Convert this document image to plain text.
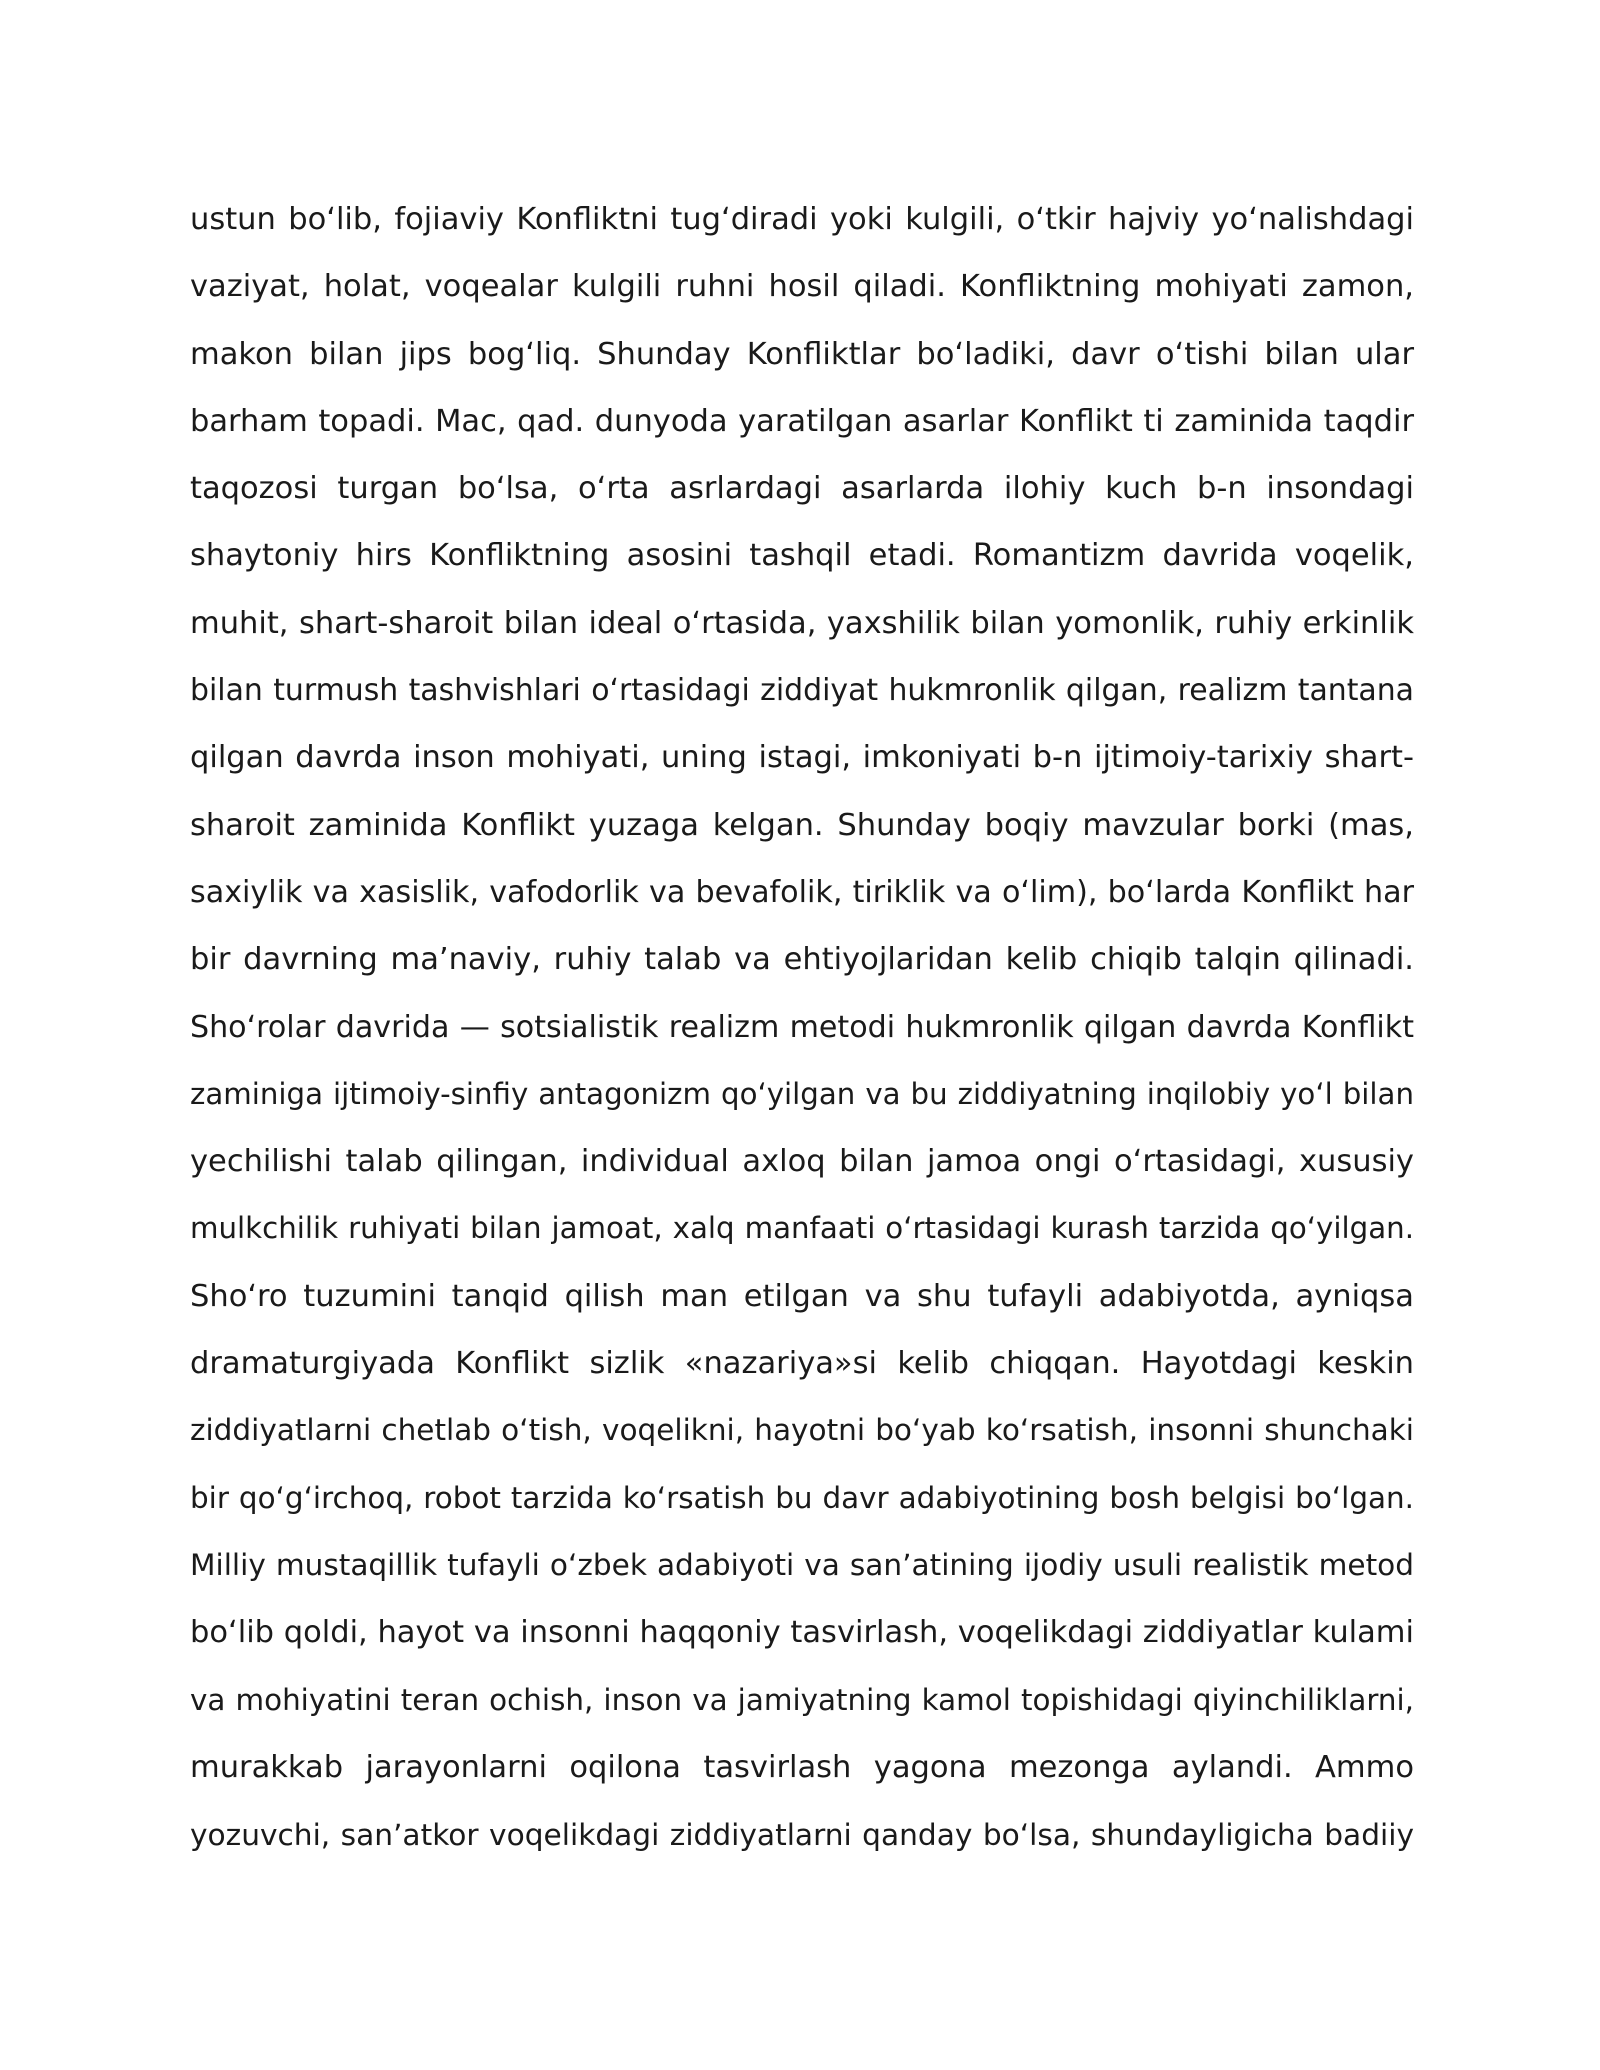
ustun bo‘lib, fojiaviy Konfliktni tug‘diradi yoki kulgili, o‘tkir hajviy yo‘nalishdagi
vaziyat, holat, voqealar kulgili ruhni hosil qiladi. Konfliktning mohiyati zamon,
makon bilan jips bog‘liq. Shunday Konfliktlar bo‘ladiki, davr o‘tishi bilan ular
barham topadi. Mac, qad. dunyoda yaratilgan asarlar Konflikt ti zaminida taqdir
taqozosi turgan bo‘lsa, o‘rta asrlardagi asarlarda ilohiy kuch b-n insondagi
shaytoniy hirs Konfliktning asosini tashqil etadi. Romantizm davrida voqelik,
muhit, shart-sharoit bilan ideal o‘rtasida, yaxshilik bilan yomonlik, ruhiy erkinlik
bilan turmush tashvishlari o‘rtasidagi ziddiyat hukmronlik qilgan, realizm tantana
qilgan davrda inson mohiyati, uning istagi, imkoniyati b-n ijtimoiy-tarixiy shart-
sharoit zaminida Konflikt yuzaga kelgan. Shunday boqiy mavzular borki (mas,
saxiylik va xasislik, vafodorlik va bevafolik, tiriklik va o‘lim), bo‘larda Konflikt har
bir davrning ma’naviy, ruhiy talab va ehtiyojlaridan kelib chiqib talqin qilinadi.
Sho‘rolar davrida — sotsialistik realizm metodi hukmronlik qilgan davrda Konflikt
zaminiga ijtimoiy-sinfiy antagonizm qo‘yilgan va bu ziddiyatning inqilobiy yo‘l bilan
yechilishi talab qilingan, individual axloq bilan jamoa ongi o‘rtasidagi, xususiy
mulkchilik ruhiyati bilan jamoat, xalq manfaati o‘rtasidagi kurash tarzida qo‘yilgan.
Sho‘ro tuzumini tanqid qilish man etilgan va shu tufayli adabiyotda, ayniqsa
dramaturgiyada Konflikt sizlik «nazariya»si kelib chiqqan. Hayotdagi keskin
ziddiyatlarni chetlab o‘tish, voqelikni, hayotni bo‘yab ko‘rsatish, insonni shunchaki
bir qo‘g‘irchoq, robot tarzida ko‘rsatish bu davr adabiyotining bosh belgisi bo‘lgan.
Milliy mustaqillik tufayli o‘zbek adabiyoti va san’atining ijodiy usuli realistik metod
bo‘lib qoldi, hayot va insonni haqqoniy tasvirlash, voqelikdagi ziddiyatlar kulami
va mohiyatini teran ochish, inson va jamiyatning kamol topishidagi qiyinchiliklarni,
murakkab jarayonlarni oqilona tasvirlash yagona mezonga aylandi. Ammo
yozuvchi, san’atkor voqelikdagi ziddiyatlarni qanday bo‘lsa, shundayligicha badiiy
